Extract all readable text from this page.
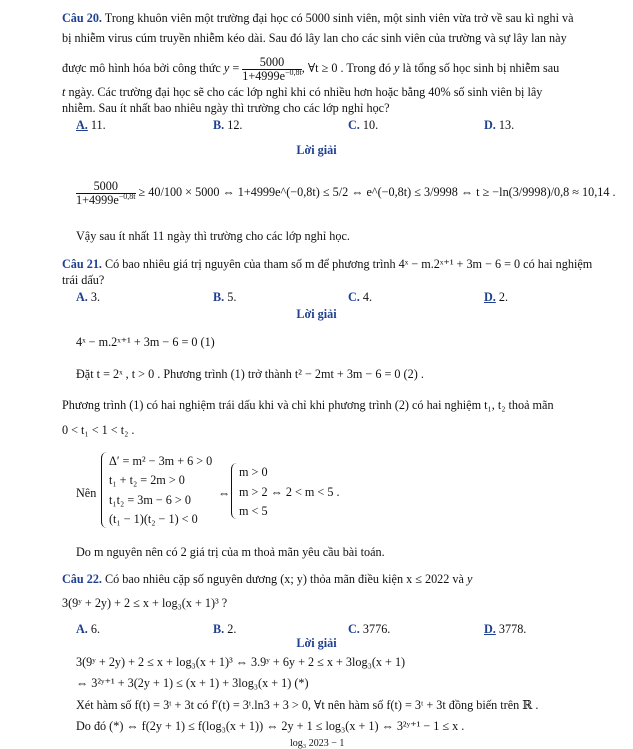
Câu 20. Trong khuôn viên một trường đại học có 5000 sinh viên, một sinh viên vừa trở về sau kì nghỉ và
bị nhiễm virus cúm truyền nhiễm kéo dài. Sau đó lây lan cho các sinh viên của trường và sự lây lan này
được mô hình hóa bởi công thức $y = \frac{5000}{1+4999e^{-0,8t}}$ , ∀t ≥ 0 . Trong đó y là tổng số học sinh bị nhiễm sau
t ngày. Các trường đại học sẽ cho các lớp nghỉ khi có nhiều hơn hoặc bằng 40% số sinh viên bị lây
nhiễm. Sau ít nhất bao nhiêu ngày thì trường cho các lớp nghỉ học?
A. 11.	B. 12.	C. 10.	D. 13.
Lời giải
$\frac{5000}{1+4999e^{-0,8t}} \ge 40/100 \times 5000$ ⇔ 1+4999e^(−0,8t) ≤ 5/2 ⇔ e^(−0,8t) ≤ 3/9998 ⇔ t ≥ −ln(3/9998)/0,8 ≈ 10,14 .
Vậy sau ít nhất 11 ngày thì trường cho các lớp nghỉ học.
Câu 21. Có bao nhiêu giá trị nguyên của tham số m để phương trình 4ˣ − m.2ˣ⁺¹ + 3m − 6 = 0 có hai nghiệm
trái dấu?
A. 3.	B. 5.	C. 4.	D. 2.
Lời giải
4ˣ − m.2ˣ⁺¹ + 3m − 6 = 0 (1)
Đặt t = 2ˣ , t > 0 . Phương trình (1) trở thành t² − 2mt + 3m − 6 = 0 (2) .
Phương trình (1) có hai nghiệm trái dấu khi và chỉ khi phương trình (2) có hai nghiệm t₁, t₂ thoả mãn
0 < t₁ < 1 < t₂ .
Nên
Δ′ = m² − 3m + 6 > 0
t₁ + t₂ = 2m > 0
t₁t₂ = 3m − 6 > 0
(t₁ − 1)(t₂ − 1) < 0
⇔
m > 0
m > 2 ⇔ 2 < m < 5 .
m < 5
Do m nguyên nên có 2 giá trị của m thoả mãn yêu cầu bài toán.
Câu 22. Có bao nhiêu cặp số nguyên dương (x; y) thỏa mãn điều kiện x ≤ 2022 và y
3(9ʸ + 2y) + 2 ≤ x + log₃(x + 1)³ ?
A. 6.	B. 2.	C. 3776.	D. 3778.
Lời giải
3(9ʸ + 2y) + 2 ≤ x + log₃(x + 1)³ ⇔ 3.9ʸ + 6y + 2 ≤ x + 3log₃(x + 1)
⇔ 3²ʸ⁺¹ + 3(2y + 1) ≤ (x + 1) + 3log₃(x + 1) (*)
Xét hàm số f(t) = 3ᵗ + 3t có f′(t) = 3ᵗ.ln3 + 3 > 0, ∀t nên hàm số f(t) = 3ᵗ + 3t đồng biến trên ℝ .
Do đó (*) ⇔ f(2y + 1) ≤ f(log₃(x + 1)) ⇔ 2y + 1 ≤ log₃(x + 1) ⇔ 3²ʸ⁺¹ − 1 ≤ x .
log₃ 2023 − 1
